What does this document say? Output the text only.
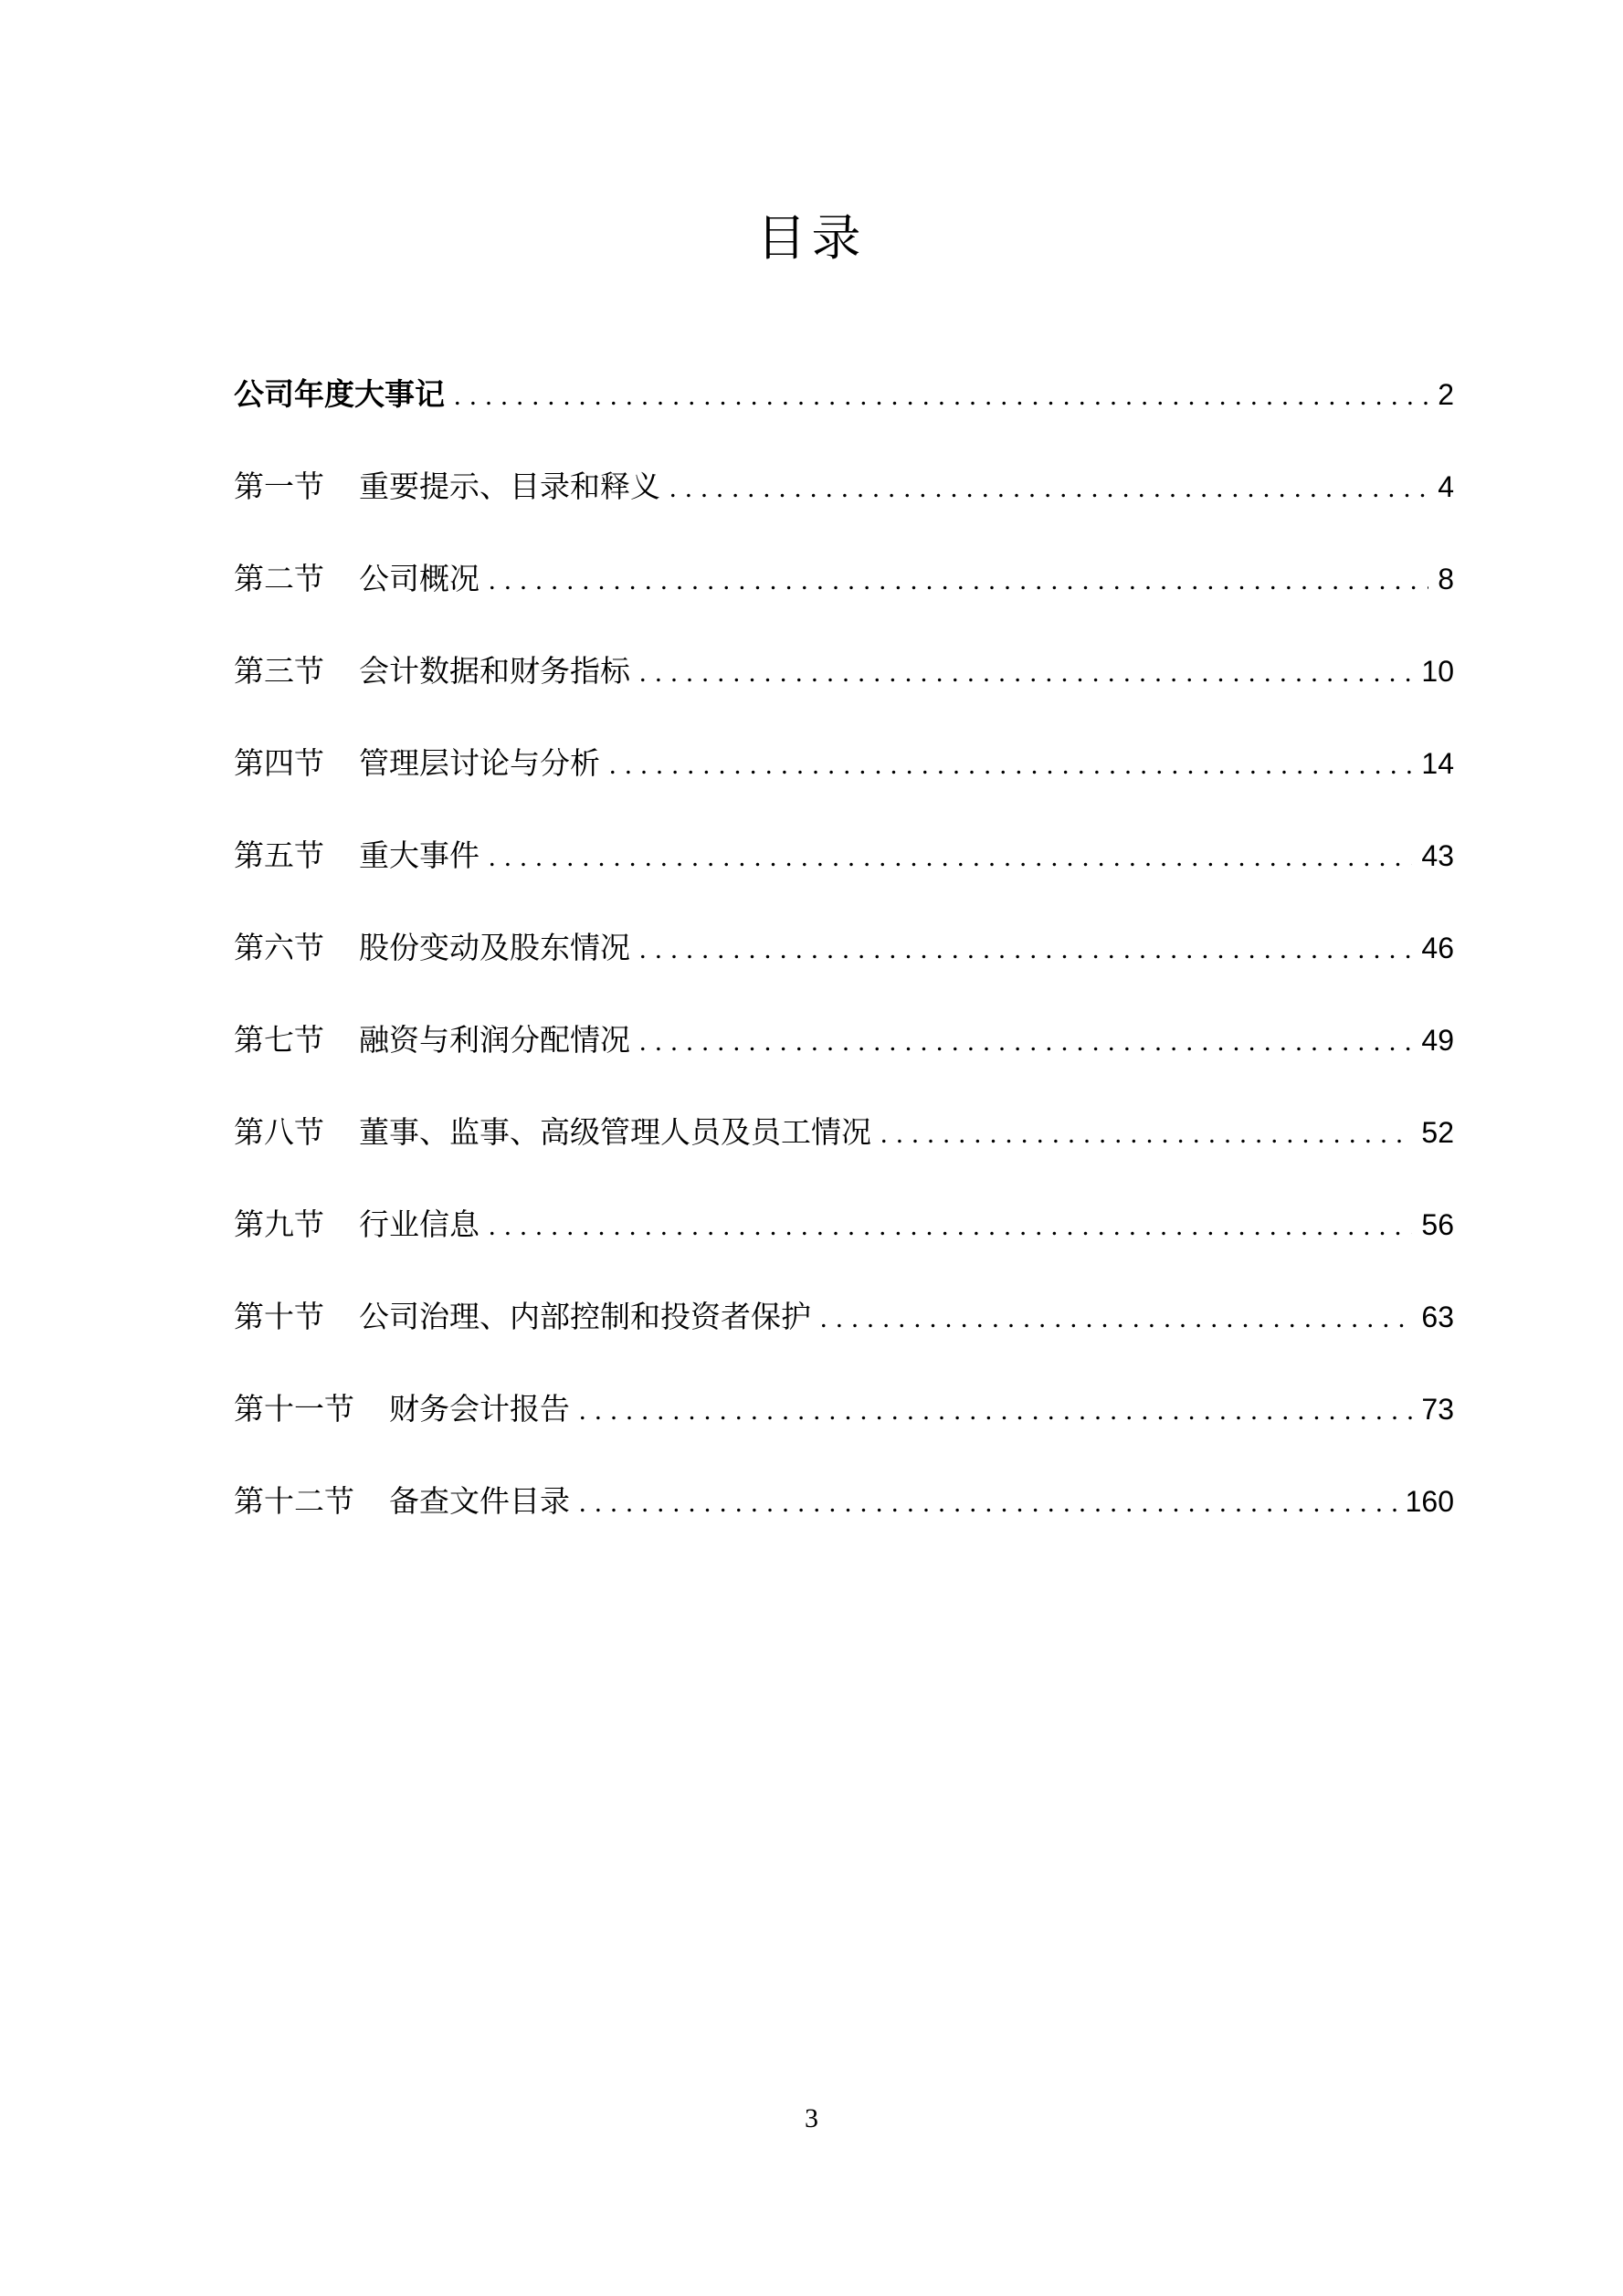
目录
公司年度大事记 .....	2
第一节 重要提示、目录和释义 .....	4
第二节 公司概况 .....	8
第三节 会计数据和财务指标 .....	10
第四节 管理层讨论与分析 .....	14
第五节 重大事件 .....	43
第六节 股份变动及股东情况 .....	46
第七节 融资与利润分配情况 .....	49
第八节 董事、监事、高级管理人员及员工情况 .....	52
第九节 行业信息 .....	56
第十节 公司治理、内部控制和投资者保护 .....	63
第十一节 财务会计报告 .....	73
第十二节 备查文件目录 .....	160
3
